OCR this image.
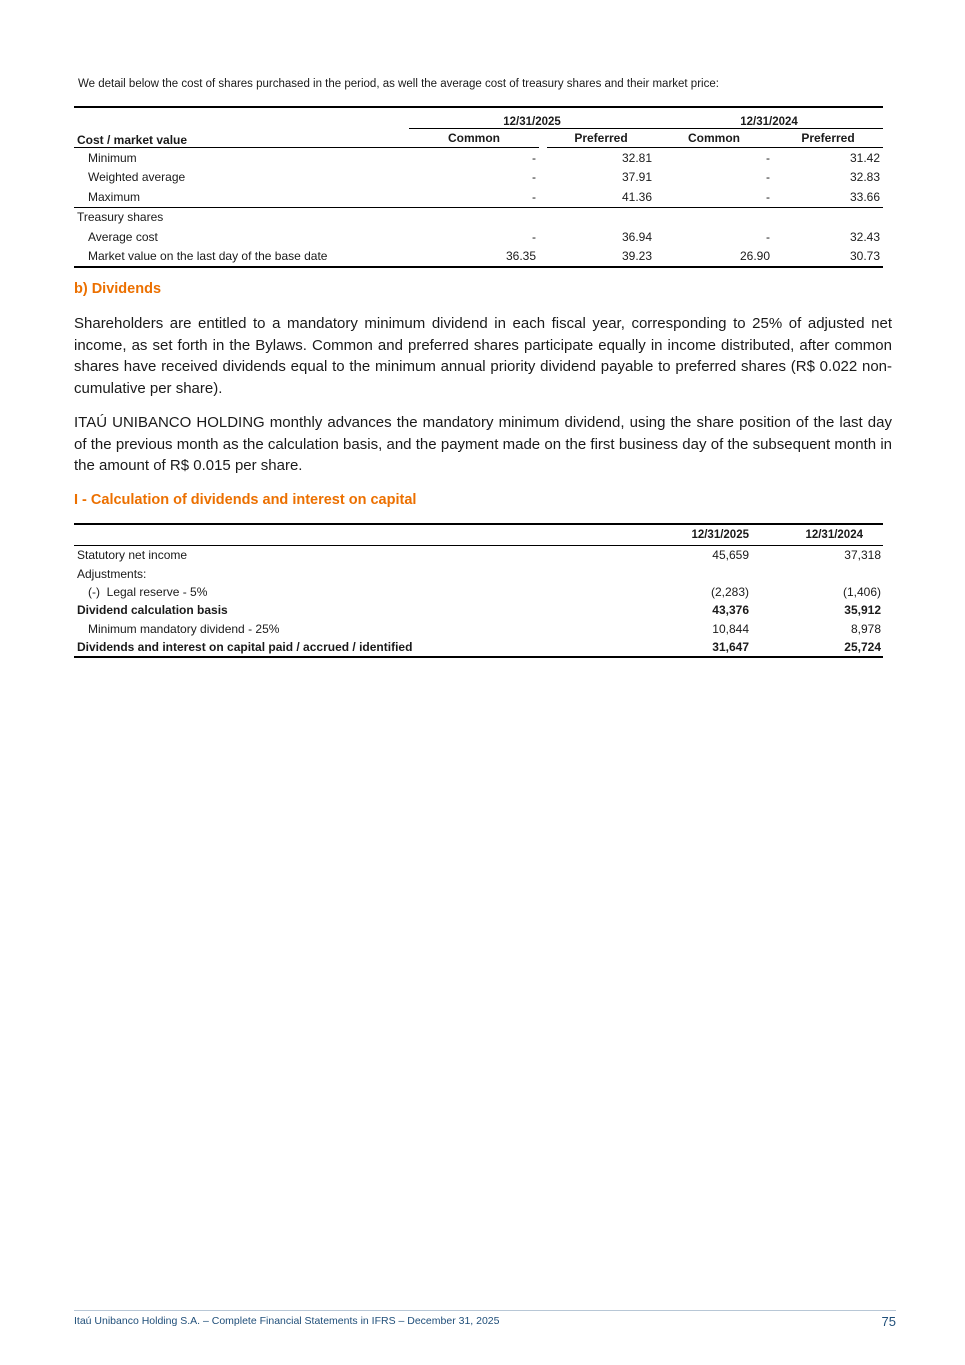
We detail below the cost of shares purchased in the period, as well the average cost of treasury shares and their market price:

Cost / market value	12/31/2025			12/31/2024	
	Common		Preferred	Common	Preferred
Minimum	-		32.81	-	31.42
Weighted average	-		37.91	-	32.83
Maximum	-		41.36	-	33.66
Treasury shares					
Average cost	-		36.94	-	32.43
Market value on the last day of the base date	36.35		39.23	26.90	30.73
b) Dividends
Shareholders are entitled to a mandatory minimum dividend in each fiscal year, corresponding to 25% of adjusted net income, as set forth in the Bylaws. Common and preferred shares participate equally in income distributed, after common shares have received dividends equal to the minimum annual priority dividend payable to preferred shares (R$ 0.022 non-cumulative per share).
ITAÚ UNIBANCO HOLDING monthly advances the mandatory minimum dividend, using the share position of the last day of the previous month as the calculation basis, and the payment made on the first business day of the subsequent month in the amount of R$ 0.015 per share.
I - Calculation of dividends and interest on capital

	12/31/2025	12/31/2024
Statutory net income	45,659	37,318
Adjustments:		
(-)  Legal reserve - 5%	(2,283)	(1,406)
Dividend calculation basis	43,376	35,912
Minimum mandatory dividend - 25%	10,844	8,978
Dividends and interest on capital paid / accrued / identified	31,647	25,724
Itaú Unibanco Holding S.A. – Complete Financial Statements in IFRS – December 31, 2025	75
